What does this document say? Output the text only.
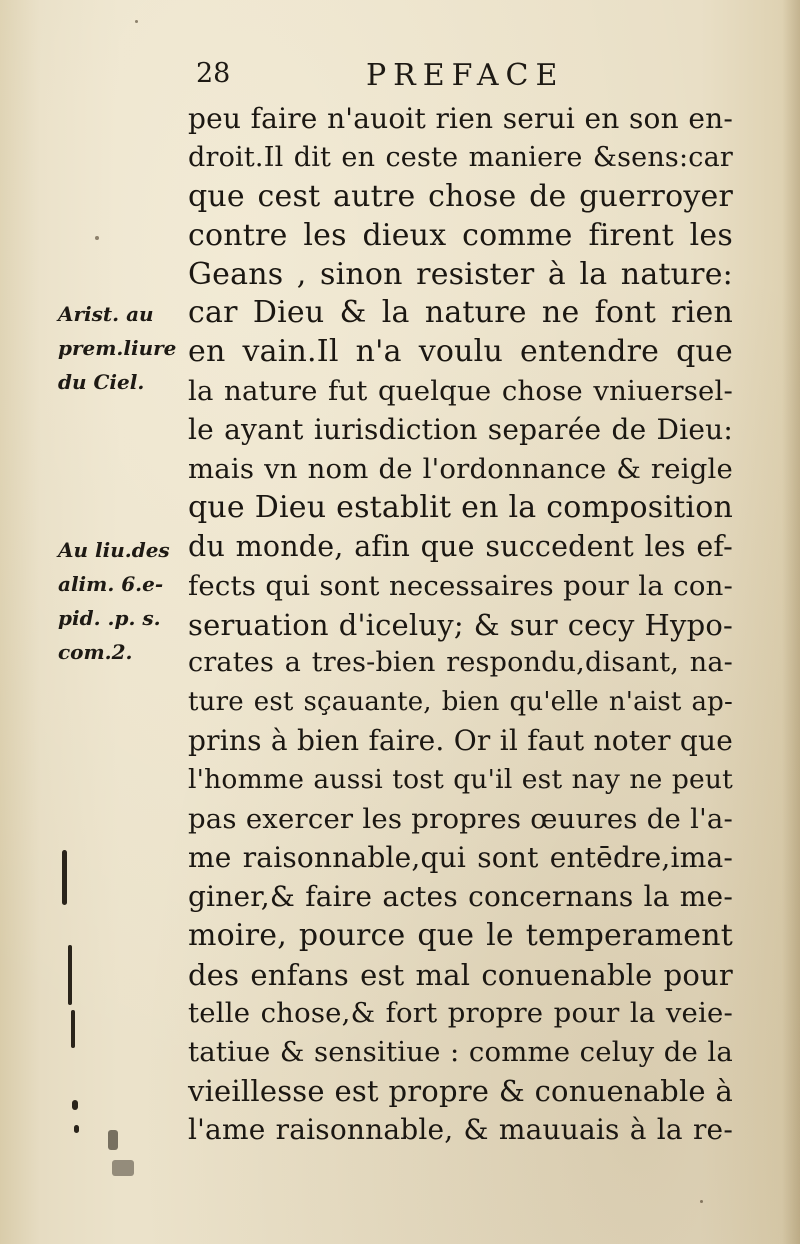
28	PREFACE
Arist. au
prem.liure
du Ciel.
Au liu.des
alim. 6.e-
pid. .p. s.
com.2.
peu faire n'auoit rien serui en son en-
droit.Il dit en ceste maniere &sens:car
que cest autre chose de guerroyer
contre les dieux comme firent les
Geans , sinon resister à la nature:
car Dieu & la nature ne font rien
en vain.Il n'a voulu entendre que
la nature fut quelque chose vniuersel-
le ayant iurisdiction separée de Dieu:
mais vn nom de l'ordonnance & reigle
que Dieu establit en la composition
du monde, afin que succedent les ef-
fects qui sont necessaires pour la con-
seruation d'iceluy; & sur cecy Hypo-
crates a tres-bien respondu,disant, na-
ture est sçauante, bien qu'elle n'aist ap-
prins à bien faire. Or il faut noter que
l'homme aussi tost qu'il est nay ne peut
pas exercer les propres œuures de l'a-
me raisonnable,qui sont entēdre,ima-
giner,& faire actes concernans la me-
moire, pource que le temperament
des enfans est mal conuenable pour
telle chose,& fort propre pour la veie-
tatiue & sensitiue : comme celuy de la
vieillesse est propre & conuenable à
l'ame raisonnable, & mauuais à la re-
